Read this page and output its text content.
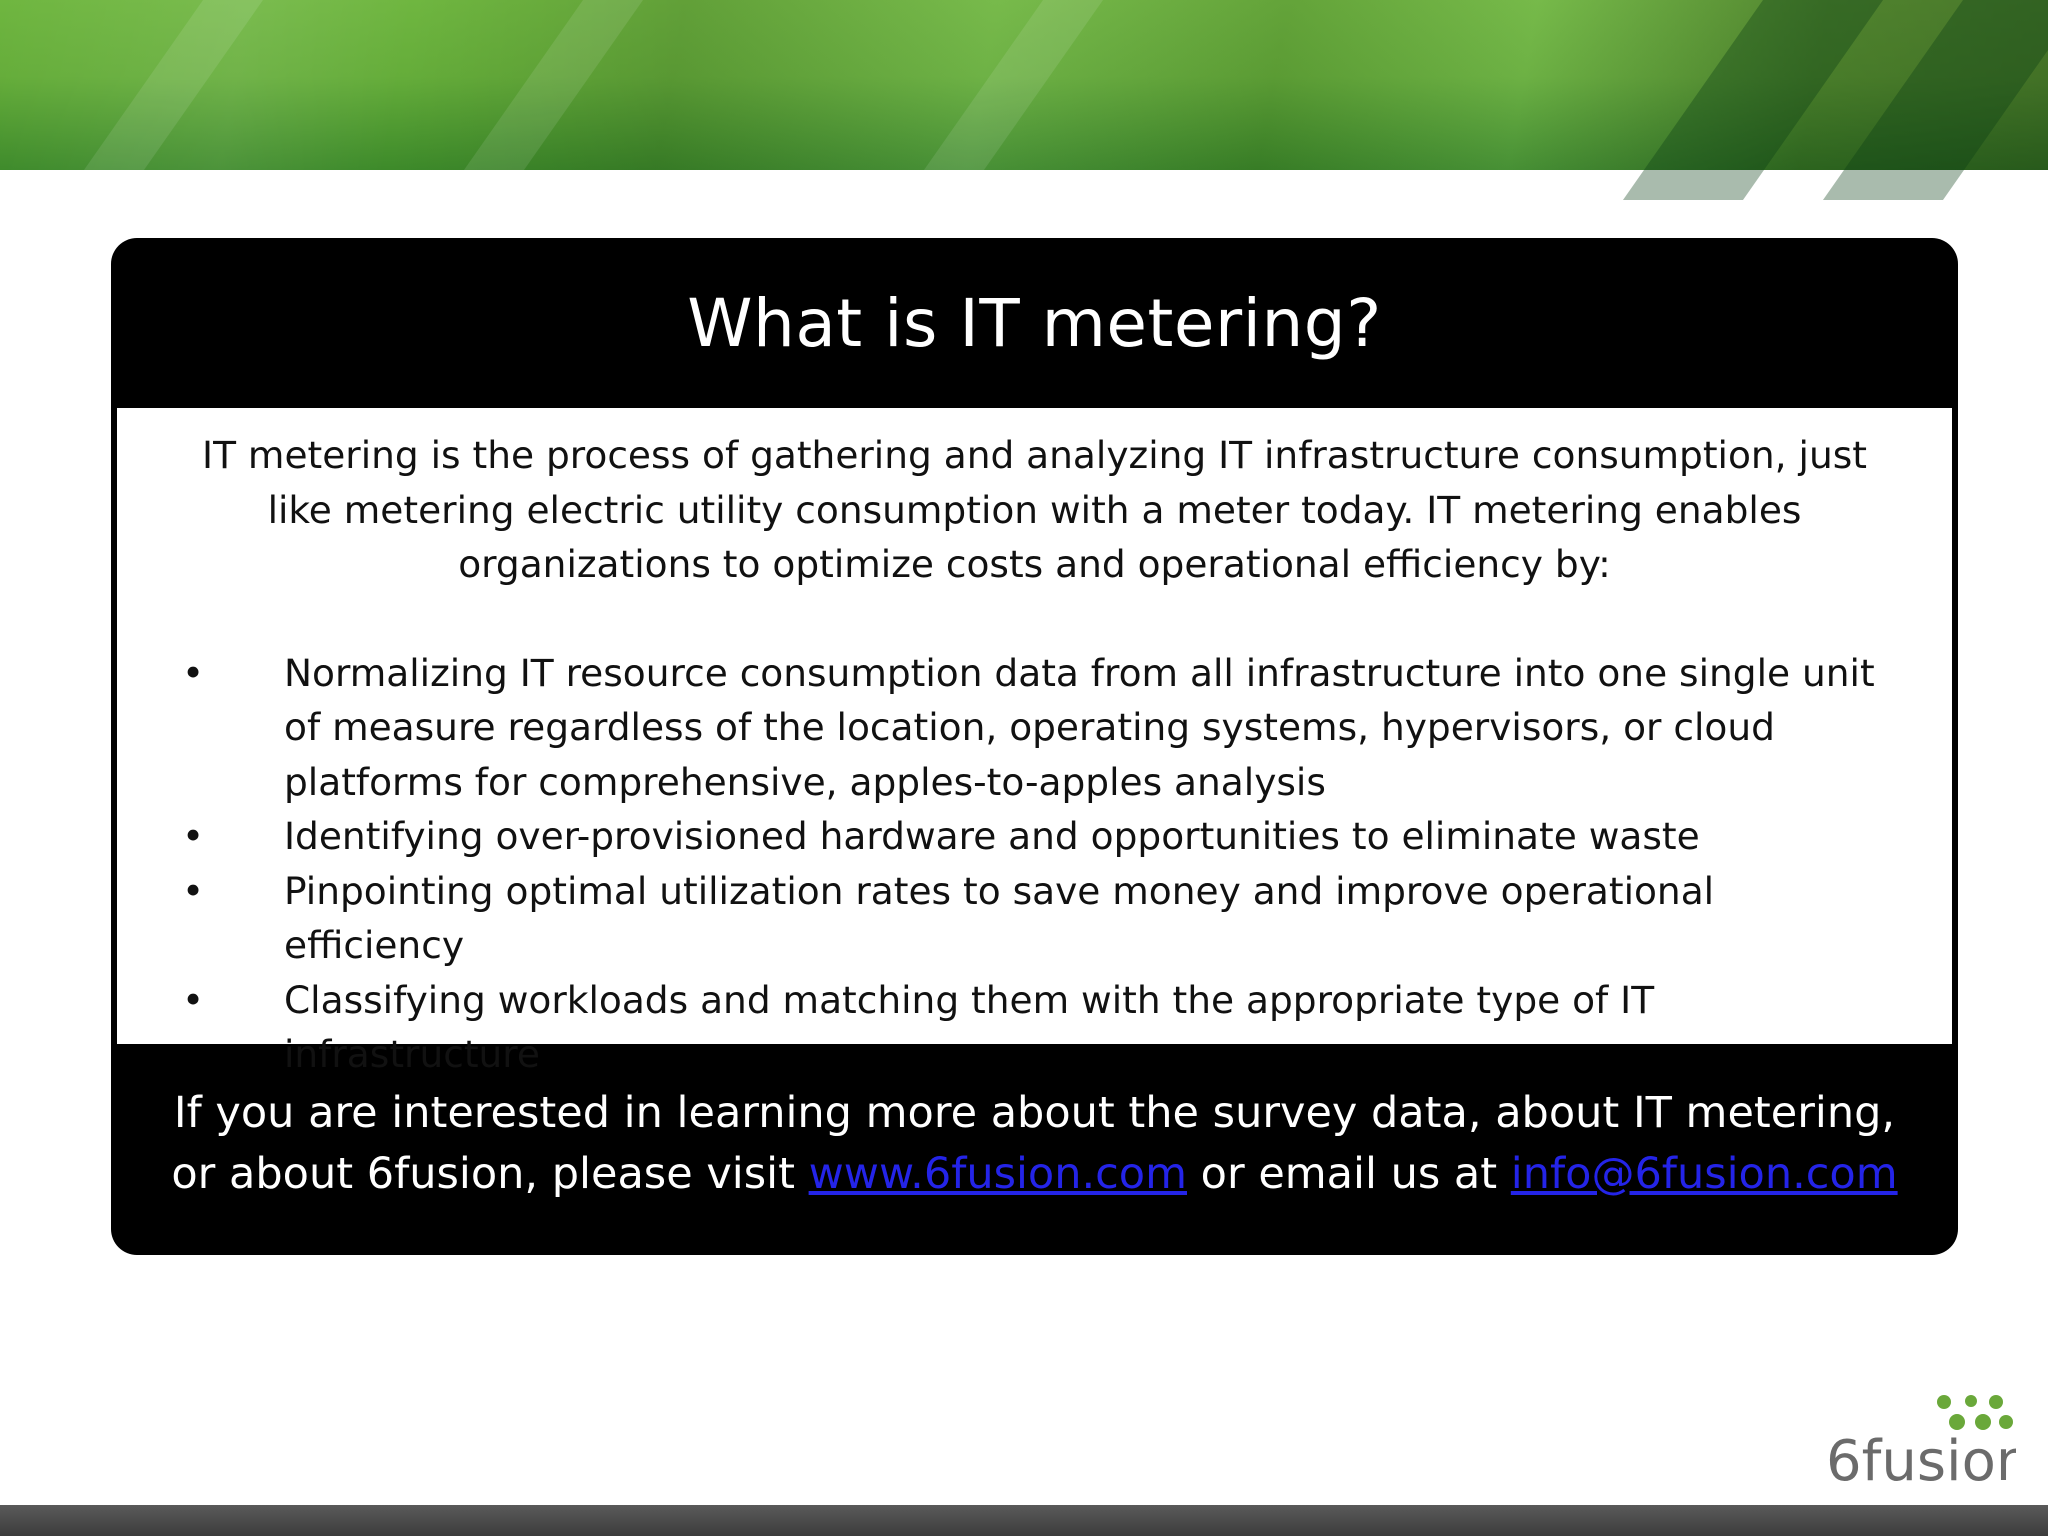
What is IT metering?

IT metering is the process of gathering and analyzing IT infrastructure consumption, just like metering electric utility consumption with a meter today. IT metering enables organizations to optimize costs and operational efficiency by:

• Normalizing IT resource consumption data from all infrastructure into one single unit of measure regardless of the location, operating systems, hypervisors, or cloud platforms for comprehensive, apples-to-apples analysis
• Identifying over-provisioned hardware and opportunities to eliminate waste
• Pinpointing optimal utilization rates to save money and improve operational efficiency
• Classifying workloads and matching them with the appropriate type of IT infrastructure
If you are interested in learning more about the survey data, about IT metering, or about 6fusion, please visit www.6fusion.com or email us at info@6fusion.com
6fusion
